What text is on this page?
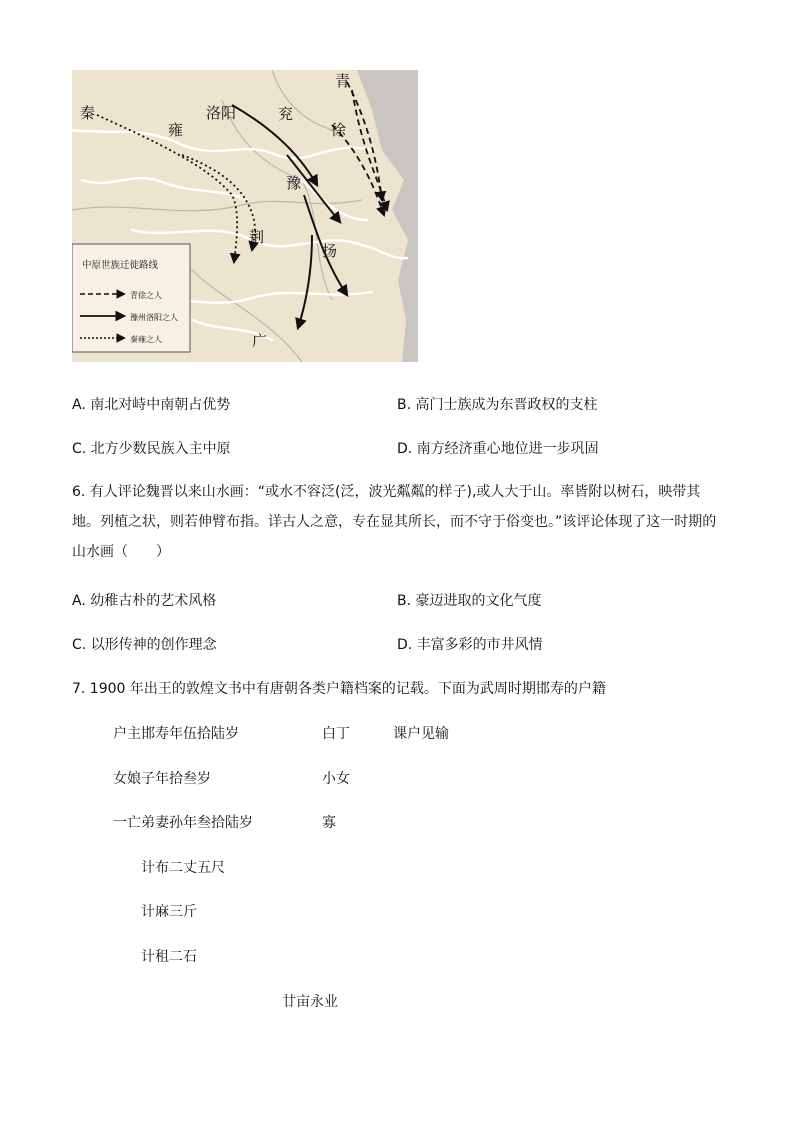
秦
雍
洛阳	兖
青
徐
豫
扬
荆
广
中原世族迁徙路线
青徐之人
豫州洛阳之人
秦雍之人
A. 南北对峙中南朝占优势	B. 高门士族成为东晋政权的支柱
C. 北方少数民族入主中原	D. 南方经济重心地位进一步巩固
6. 有人评论魏晋以来山水画：“或水不容泛(泛，波光粼粼的样子),或人大于山。率皆附以树石，映带其地。列植之状，则若伸臂布指。详古人之意，专在显其所长，而不守于俗变也。”该评论体现了这一时期的山水画（　　）
A. 幼稚古朴的艺术风格	B. 豪迈进取的文化气度
C. 以形传神的创作理念	D. 丰富多彩的市井风情
7. 1900 年出王的敦煌文书中有唐朝各类户籍档案的记载。下面为武周时期邯寿的户籍
户主邯寿年伍拾陆岁	白丁	课户见输
女娘子年拾叁岁	小女
一亡弟妻孙年叁拾陆岁	寡
计布二丈五尺
计麻三斤
计租二石
廿亩永业
